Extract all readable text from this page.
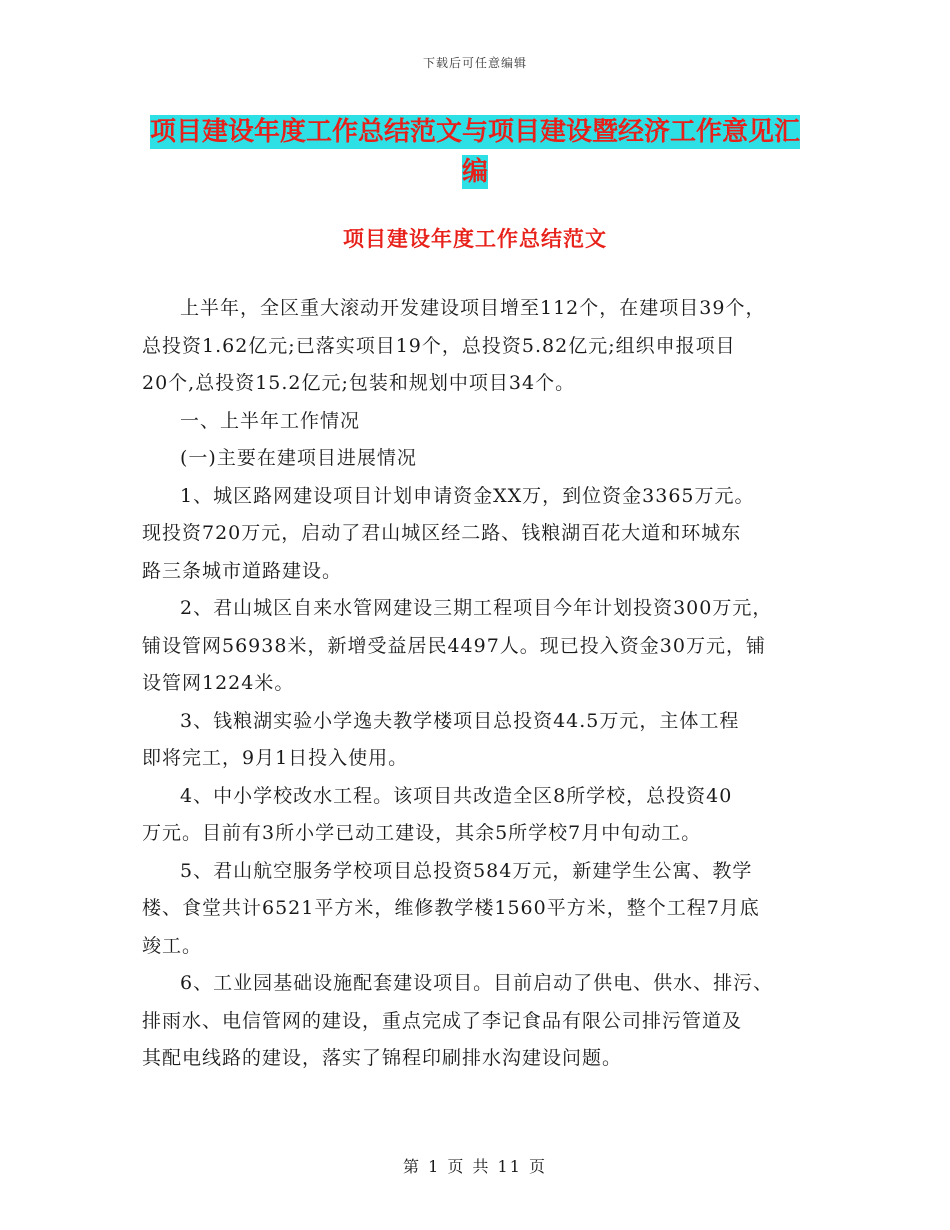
下载后可任意编辑
项目建设年度工作总结范文与项目建设暨经济工作意见汇编
项目建设年度工作总结范文

上半年，全区重大滚动开发建设项目增至112个，在建项目39个，
总投资1.62亿元;已落实项目19个，总投资5.82亿元;组织申报项目
20个,总投资15.2亿元;包装和规划中项目34个。

一、上半年工作情况

(一)主要在建项目进展情况

1、城区路网建设项目计划申请资金XX万，到位资金3365万元。
现投资720万元，启动了君山城区经二路、钱粮湖百花大道和环城东
路三条城市道路建设。

2、君山城区自来水管网建设三期工程项目今年计划投资300万元，
铺设管网56938米，新增受益居民4497人。现已投入资金30万元，铺
设管网1224米。

3、钱粮湖实验小学逸夫教学楼项目总投资44.5万元，主体工程
即将完工，9月1日投入使用。

4、中小学校改水工程。该项目共改造全区8所学校，总投资40
万元。目前有3所小学已动工建设，其余5所学校7月中旬动工。

5、君山航空服务学校项目总投资584万元，新建学生公寓、教学
楼、食堂共计6521平方米，维修教学楼1560平方米，整个工程7月底
竣工。

6、工业园基础设施配套建设项目。目前启动了供电、供水、排污、
排雨水、电信管网的建设，重点完成了李记食品有限公司排污管道及
其配电线路的建设，落实了锦程印刷排水沟建设问题。

第 1 页 共 11 页
